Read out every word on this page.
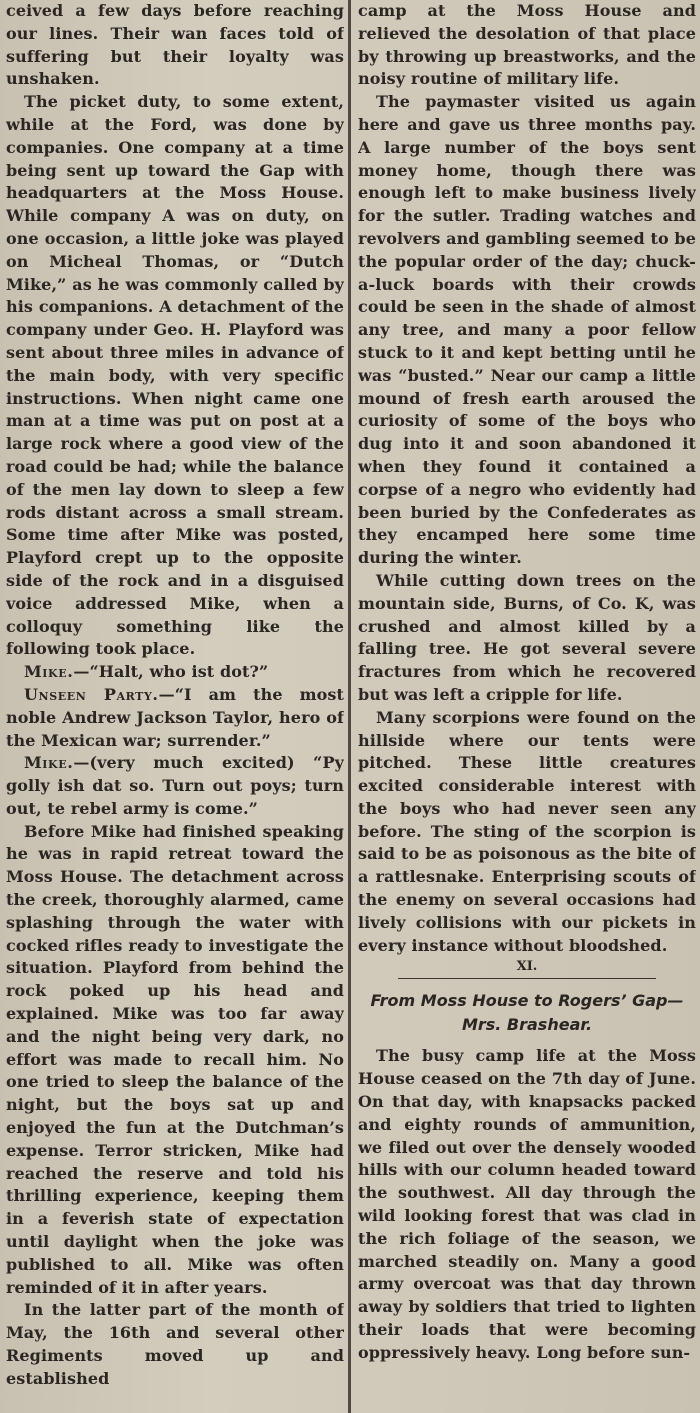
ceived a few days before reaching our lines. Their wan faces told of suffering but their loyalty was unshaken.

The picket duty, to some extent, while at the Ford, was done by companies. One company at a time being sent up toward the Gap with headquarters at the Moss House. While company A was on duty, on one occasion, a little joke was played on Micheal Thomas, or “Dutch Mike,” as he was commonly called by his companions. A detachment of the company under Geo. H. Playford was sent about three miles in advance of the main body, with very specific instructions. When night came one man at a time was put on post at a large rock where a good view of the road could be had; while the balance of the men lay down to sleep a few rods distant across a small stream. Some time after Mike was posted, Playford crept up to the opposite side of the rock and in a disguised voice addressed Mike, when a colloquy something like the following took place.

Mike.—“Halt, who ist dot?”

Unseen Party.—“I am the most noble Andrew Jackson Taylor, hero of the Mexican war; surrender.”

Mike.—(very much excited) “Py golly ish dat so. Turn out poys; turn out, te rebel army is come.”

Before Mike had finished speaking he was in rapid retreat toward the Moss House. The detachment across the creek, thoroughly alarmed, came splashing through the water with cocked rifles ready to investigate the situation. Playford from behind the rock poked up his head and explained. Mike was too far away and the night being very dark, no effort was made to recall him. No one tried to sleep the balance of the night, but the boys sat up and enjoyed the fun at the Dutchman’s expense. Terror stricken, Mike had reached the reserve and told his thrilling experience, keeping them in a feverish state of expectation until daylight when the joke was published to all. Mike was often reminded of it in after years.

In the latter part of the month of May, the 16th and several other Regiments moved up and established

camp at the Moss House and relieved the desolation of that place by throwing up breastworks, and the noisy routine of military life.

The paymaster visited us again here and gave us three months pay. A large number of the boys sent money home, though there was enough left to make business lively for the sutler. Trading watches and revolvers and gambling seemed to be the popular order of the day; chuck-a-luck boards with their crowds could be seen in the shade of almost any tree, and many a poor fellow stuck to it and kept betting until he was “busted.” Near our camp a little mound of fresh earth aroused the curiosity of some of the boys who dug into it and soon abandoned it when they found it contained a corpse of a negro who evidently had been buried by the Confederates as they encamped here some time during the winter.

While cutting down trees on the mountain side, Burns, of Co. K, was crushed and almost killed by a falling tree. He got several severe fractures from which he recovered but was left a cripple for life.

Many scorpions were found on the hillside where our tents were pitched. These little creatures excited considerable interest with the boys who had never seen any before. The sting of the scorpion is said to be as poisonous as the bite of a rattlesnake. Enterprising scouts of the enemy on several occasions had lively collisions with our pickets in every instance without bloodshed.

XI.
From Moss House to Rogers’ Gap—
Mrs. Brashear.

The busy camp life at the Moss House ceased on the 7th day of June. On that day, with knapsacks packed and eighty rounds of ammunition, we filed out over the densely wooded hills with our column headed toward the southwest. All day through the wild looking forest that was clad in the rich foliage of the season, we marched steadily on. Many a good army overcoat was that day thrown away by soldiers that tried to lighten their loads that were becoming oppressively heavy. Long before sun-
